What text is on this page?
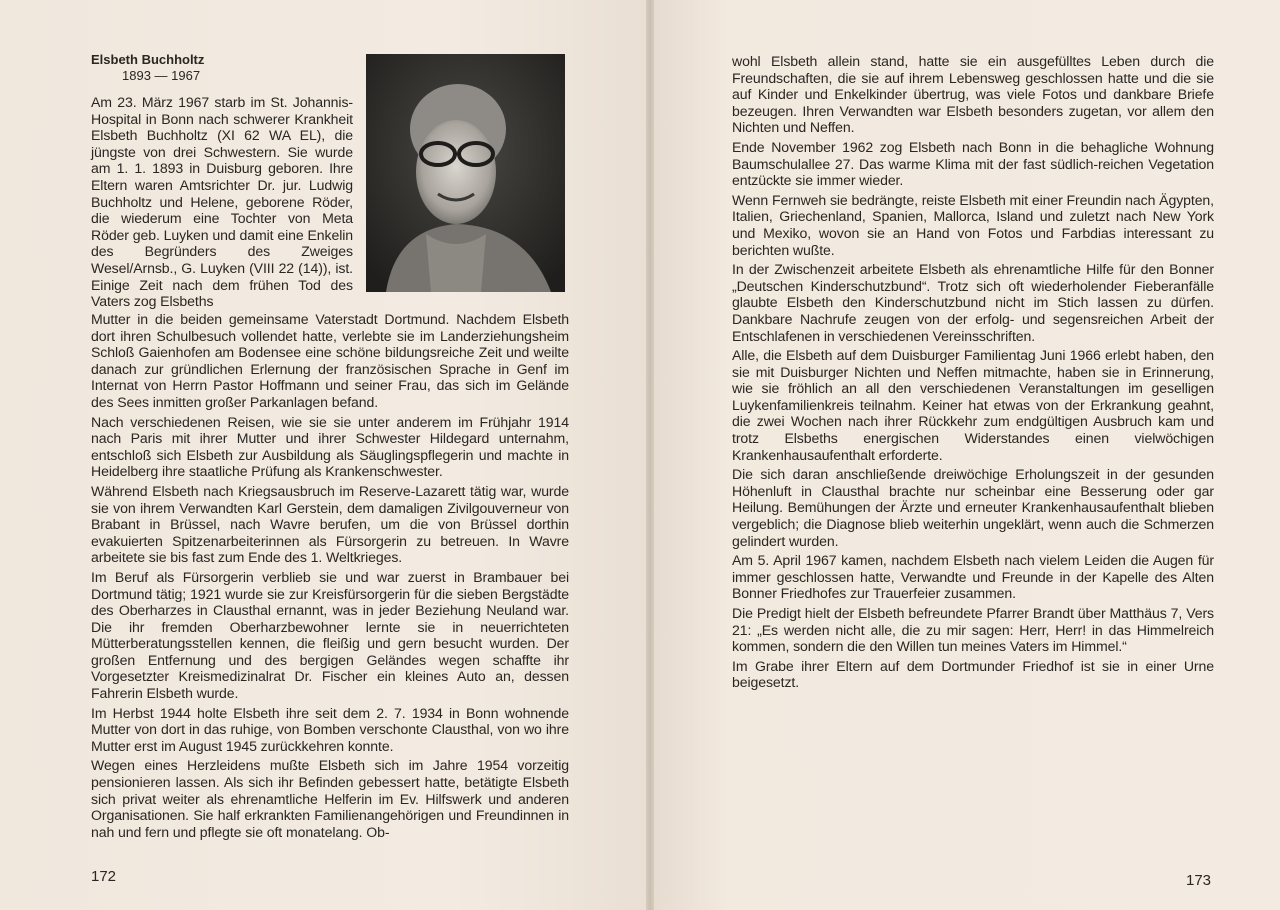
Elsbeth Buchholtz
1893 — 1967

Am 23. März 1967 starb im St. Johannis-Hospital in Bonn nach schwerer Krankheit Elsbeth Buchholtz (XI 62 WA EL), die jüngste von drei Schwestern. Sie wurde am 1. 1. 1893 in Duisburg geboren. Ihre Eltern waren Amtsrichter Dr. jur. Ludwig Buchholtz und Helene, geborene Röder, die wiederum eine Tochter von Meta Röder geb. Luyken und damit eine Enkelin des Begründers des Zweiges Wesel/Arnsb., G. Luyken (VIII 22 (14)), ist. Einige Zeit nach dem frühen Tod des Vaters zog Elsbeths

Mutter in die beiden gemeinsame Vaterstadt Dortmund. Nachdem Elsbeth dort ihren Schulbesuch vollendet hatte, verlebte sie im Landerziehungsheim Schloß Gaienhofen am Bodensee eine schöne bildungsreiche Zeit und weilte danach zur gründlichen Erlernung der französischen Sprache in Genf im Internat von Herrn Pastor Hoffmann und seiner Frau, das sich im Gelände des Sees inmitten großer Parkanlagen befand.

Nach verschiedenen Reisen, wie sie sie unter anderem im Frühjahr 1914 nach Paris mit ihrer Mutter und ihrer Schwester Hildegard unternahm, entschloß sich Elsbeth zur Ausbildung als Säuglingspflegerin und machte in Heidelberg ihre staatliche Prüfung als Krankenschwester.

Während Elsbeth nach Kriegsausbruch im Reserve-Lazarett tätig war, wurde sie von ihrem Verwandten Karl Gerstein, dem damaligen Zivilgouverneur von Brabant in Brüssel, nach Wavre berufen, um die von Brüssel dorthin evakuierten Spitzenarbeiterinnen als Fürsorgerin zu betreuen. In Wavre arbeitete sie bis fast zum Ende des 1. Weltkrieges.

Im Beruf als Fürsorgerin verblieb sie und war zuerst in Brambauer bei Dortmund tätig; 1921 wurde sie zur Kreisfürsorgerin für die sieben Bergstädte des Oberharzes in Clausthal ernannt, was in jeder Beziehung Neuland war. Die ihr fremden Oberharzbewohner lernte sie in neuerrichteten Mütterberatungsstellen kennen, die fleißig und gern besucht wurden. Der großen Entfernung und des bergigen Geländes wegen schaffte ihr Vorgesetzter Kreismedizinalrat Dr. Fischer ein kleines Auto an, dessen Fahrerin Elsbeth wurde.

Im Herbst 1944 holte Elsbeth ihre seit dem 2. 7. 1934 in Bonn wohnende Mutter von dort in das ruhige, von Bomben verschonte Clausthal, von wo ihre Mutter erst im August 1945 zurückkehren konnte.

Wegen eines Herzleidens mußte Elsbeth sich im Jahre 1954 vorzeitig pensionieren lassen. Als sich ihr Befinden gebessert hatte, betätigte Elsbeth sich privat weiter als ehrenamtliche Helferin im Ev. Hilfswerk und anderen Organisationen. Sie half erkrankten Familienangehörigen und Freundinnen in nah und fern und pflegte sie oft monatelang. Ob-

172

wohl Elsbeth allein stand, hatte sie ein ausgefülltes Leben durch die Freundschaften, die sie auf ihrem Lebensweg geschlossen hatte und die sie auf Kinder und Enkelkinder übertrug, was viele Fotos und dankbare Briefe bezeugen. Ihren Verwandten war Elsbeth besonders zugetan, vor allem den Nichten und Neffen.

Ende November 1962 zog Elsbeth nach Bonn in die behagliche Wohnung Baumschulallee 27. Das warme Klima mit der fast südlich-reichen Vegetation entzückte sie immer wieder.

Wenn Fernweh sie bedrängte, reiste Elsbeth mit einer Freundin nach Ägypten, Italien, Griechenland, Spanien, Mallorca, Island und zuletzt nach New York und Mexiko, wovon sie an Hand von Fotos und Farbdias interessant zu berichten wußte.

In der Zwischenzeit arbeitete Elsbeth als ehrenamtliche Hilfe für den Bonner „Deutschen Kinderschutzbund“. Trotz sich oft wiederholender Fieberanfälle glaubte Elsbeth den Kinderschutzbund nicht im Stich lassen zu dürfen. Dankbare Nachrufe zeugen von der erfolg- und segensreichen Arbeit der Entschlafenen in verschiedenen Vereinsschriften.

Alle, die Elsbeth auf dem Duisburger Familientag Juni 1966 erlebt haben, den sie mit Duisburger Nichten und Neffen mitmachte, haben sie in Erinnerung, wie sie fröhlich an all den verschiedenen Veranstaltungen im geselligen Luykenfamilienkreis teilnahm. Keiner hat etwas von der Erkrankung geahnt, die zwei Wochen nach ihrer Rückkehr zum endgültigen Ausbruch kam und trotz Elsbeths energischen Widerstandes einen vielwöchigen Krankenhausaufenthalt erforderte.

Die sich daran anschließende dreiwöchige Erholungszeit in der gesunden Höhenluft in Clausthal brachte nur scheinbar eine Besserung oder gar Heilung. Bemühungen der Ärzte und erneuter Krankenhausaufenthalt blieben vergeblich; die Diagnose blieb weiterhin ungeklärt, wenn auch die Schmerzen gelindert wurden.

Am 5. April 1967 kamen, nachdem Elsbeth nach vielem Leiden die Augen für immer geschlossen hatte, Verwandte und Freunde in der Kapelle des Alten Bonner Friedhofes zur Trauerfeier zusammen.

Die Predigt hielt der Elsbeth befreundete Pfarrer Brandt über Matthäus 7, Vers 21: „Es werden nicht alle, die zu mir sagen: Herr, Herr! in das Himmelreich kommen, sondern die den Willen tun meines Vaters im Himmel.“

Im Grabe ihrer Eltern auf dem Dortmunder Friedhof ist sie in einer Urne beigesetzt.

173
